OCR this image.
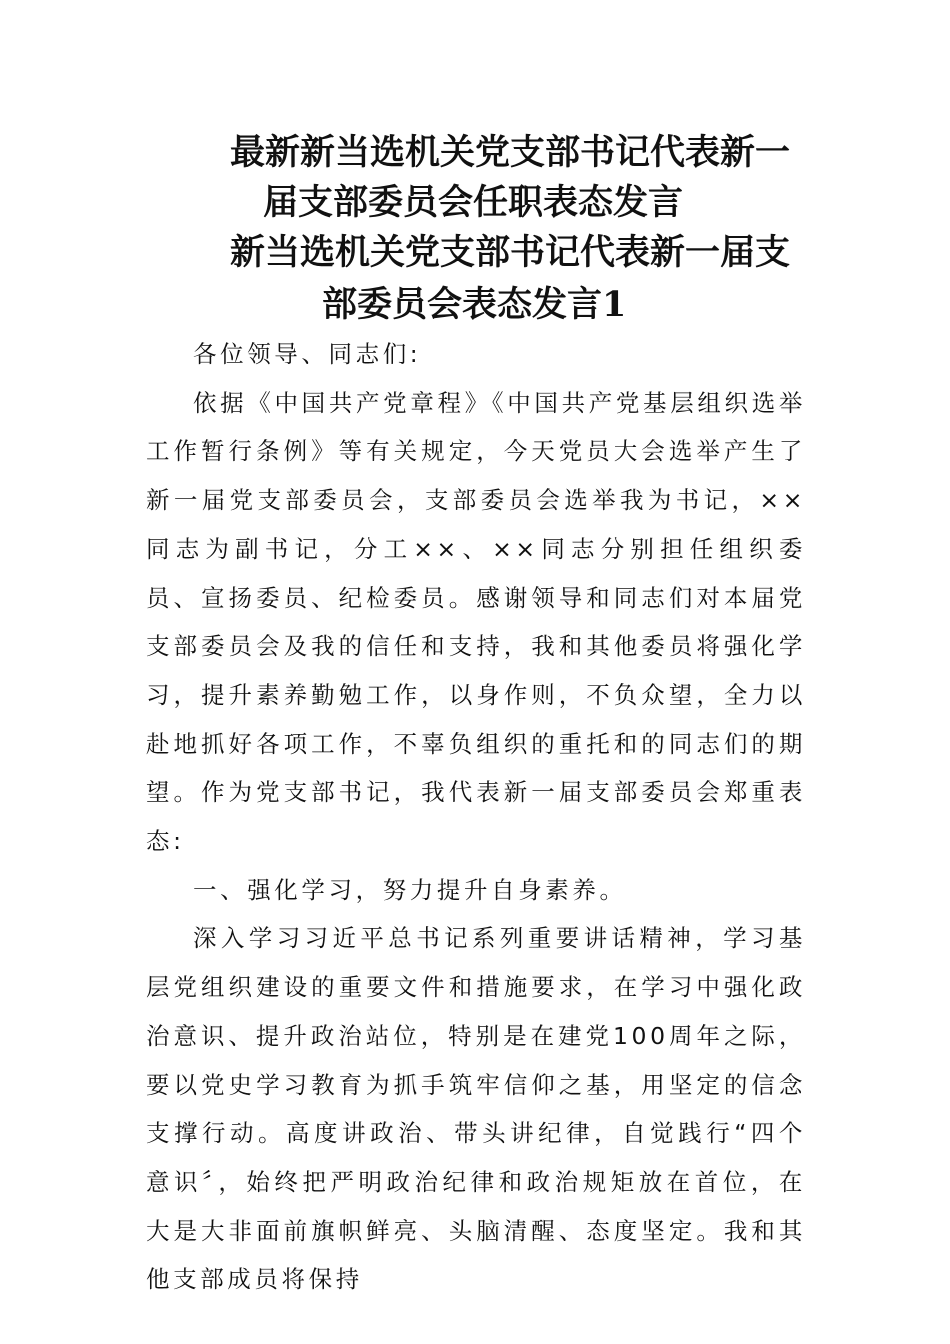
最新新当选机关党支部书记代表新一
届支部委员会任职表态发言
新当选机关党支部书记代表新一届支
部委员会表态发言1

各位领导、同志们:

依据《中国共产党章程》《中国共产党基层组织选举工作暂行条例》等有关规定，今天党员大会选举产生了新一届党支部委员会，支部委员会选举我为书记，××同志为副书记，分工××、××同志分别担任组织委员、宣扬委员、纪检委员。感谢领导和同志们对本届党支部委员会及我的信任和支持，我和其他委员将强化学习，提升素养勤勉工作，以身作则，不负众望，全力以赴地抓好各项工作，不辜负组织的重托和的同志们的期望。作为党支部书记，我代表新一届支部委员会郑重表态:

一、强化学习，努力提升自身素养。

深入学习习近平总书记系列重要讲话精神，学习基层党组织建设的重要文件和措施要求，在学习中强化政治意识、提升政治站位，特别是在建党100周年之际，要以党史学习教育为抓手筑牢信仰之基，用坚定的信念支撑行动。高度讲政治、带头讲纪律，自觉践行“四个意识〞，始终把严明政治纪律和政治规矩放在首位，在大是大非面前旗帜鲜亮、头脑清醒、态度坚定。我和其他支部成员将保持
